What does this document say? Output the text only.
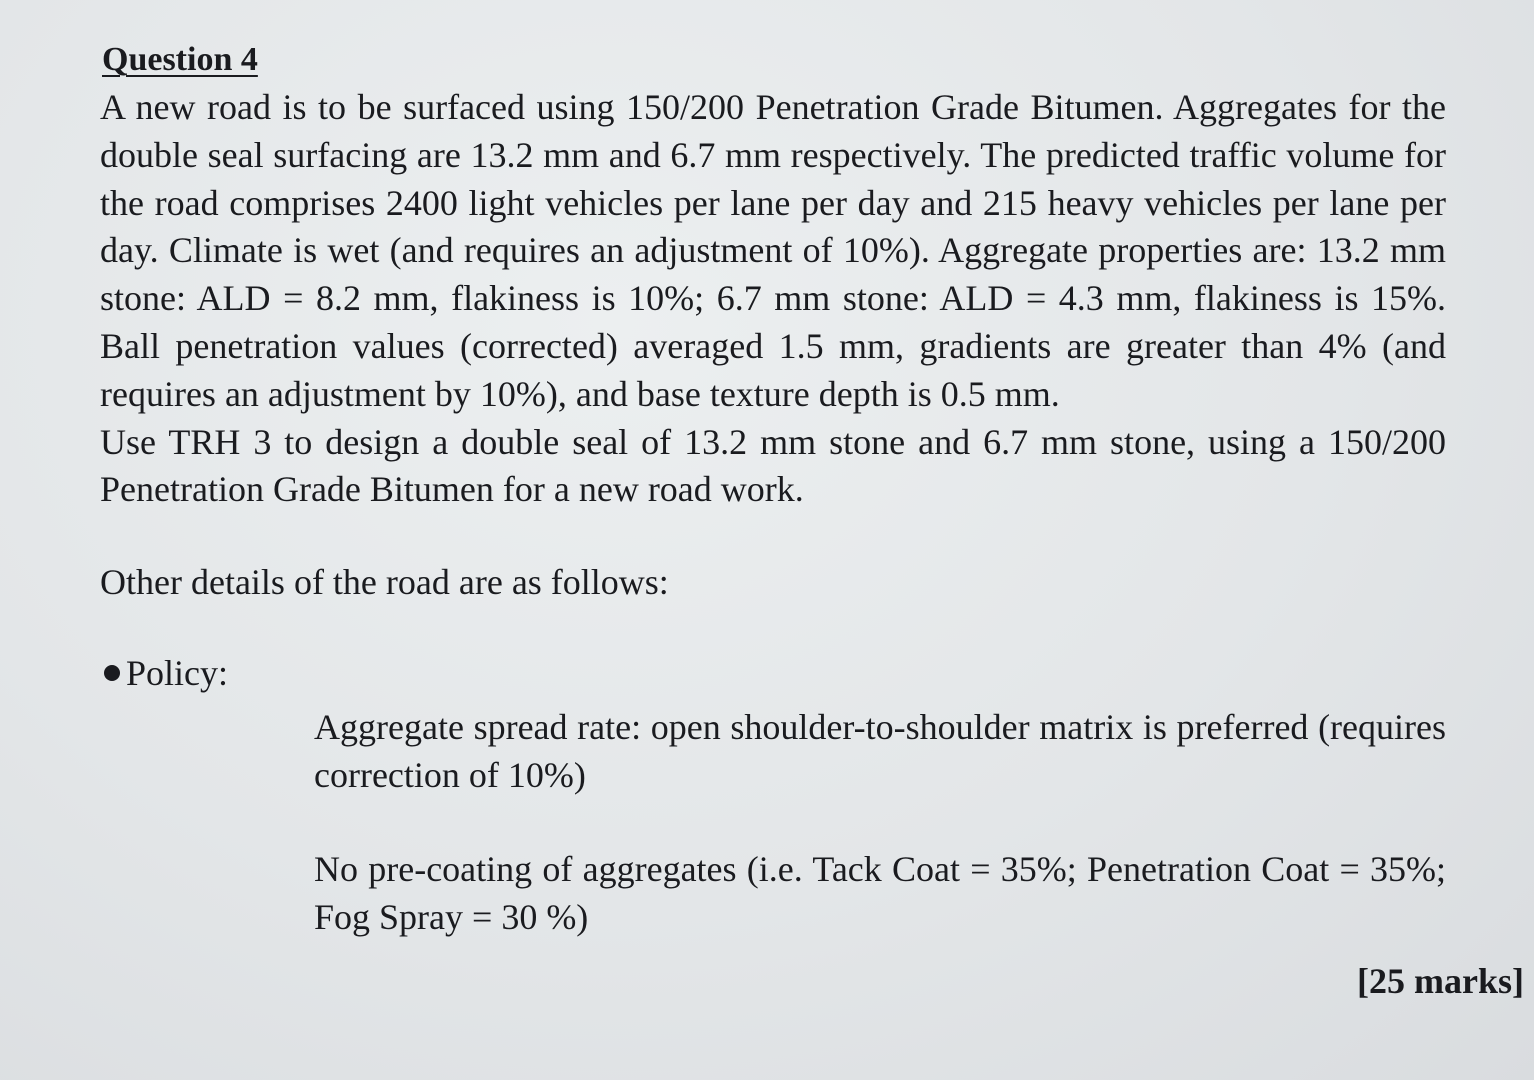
Question 4

A new road is to be surfaced using 150/200 Penetration Grade Bitumen. Aggregates for the double seal surfacing are 13.2 mm and 6.7 mm respectively. The predicted traffic volume for the road comprises 2400 light vehicles per lane per day and 215 heavy vehicles per lane per day. Climate is wet (and requires an adjustment of 10%). Aggregate properties are: 13.2 mm stone: ALD = 8.2 mm, flakiness is 10%; 6.7 mm stone: ALD = 4.3 mm, flakiness is 15%. Ball penetration values (corrected) averaged 1.5 mm, gradients are greater than 4% (and requires an adjustment by 10%), and base texture depth is 0.5 mm.

Use TRH 3 to design a double seal of 13.2 mm stone and 6.7 mm stone, using a 150/200 Penetration Grade Bitumen for a new road work.

Other details of the road are as follows:

Policy:
Aggregate spread rate: open shoulder-to-shoulder matrix is preferred (requires correction of 10%)
No pre-coating of aggregates (i.e. Tack Coat = 35%; Penetration Coat = 35%; Fog Spray = 30 %)
[25 marks]
